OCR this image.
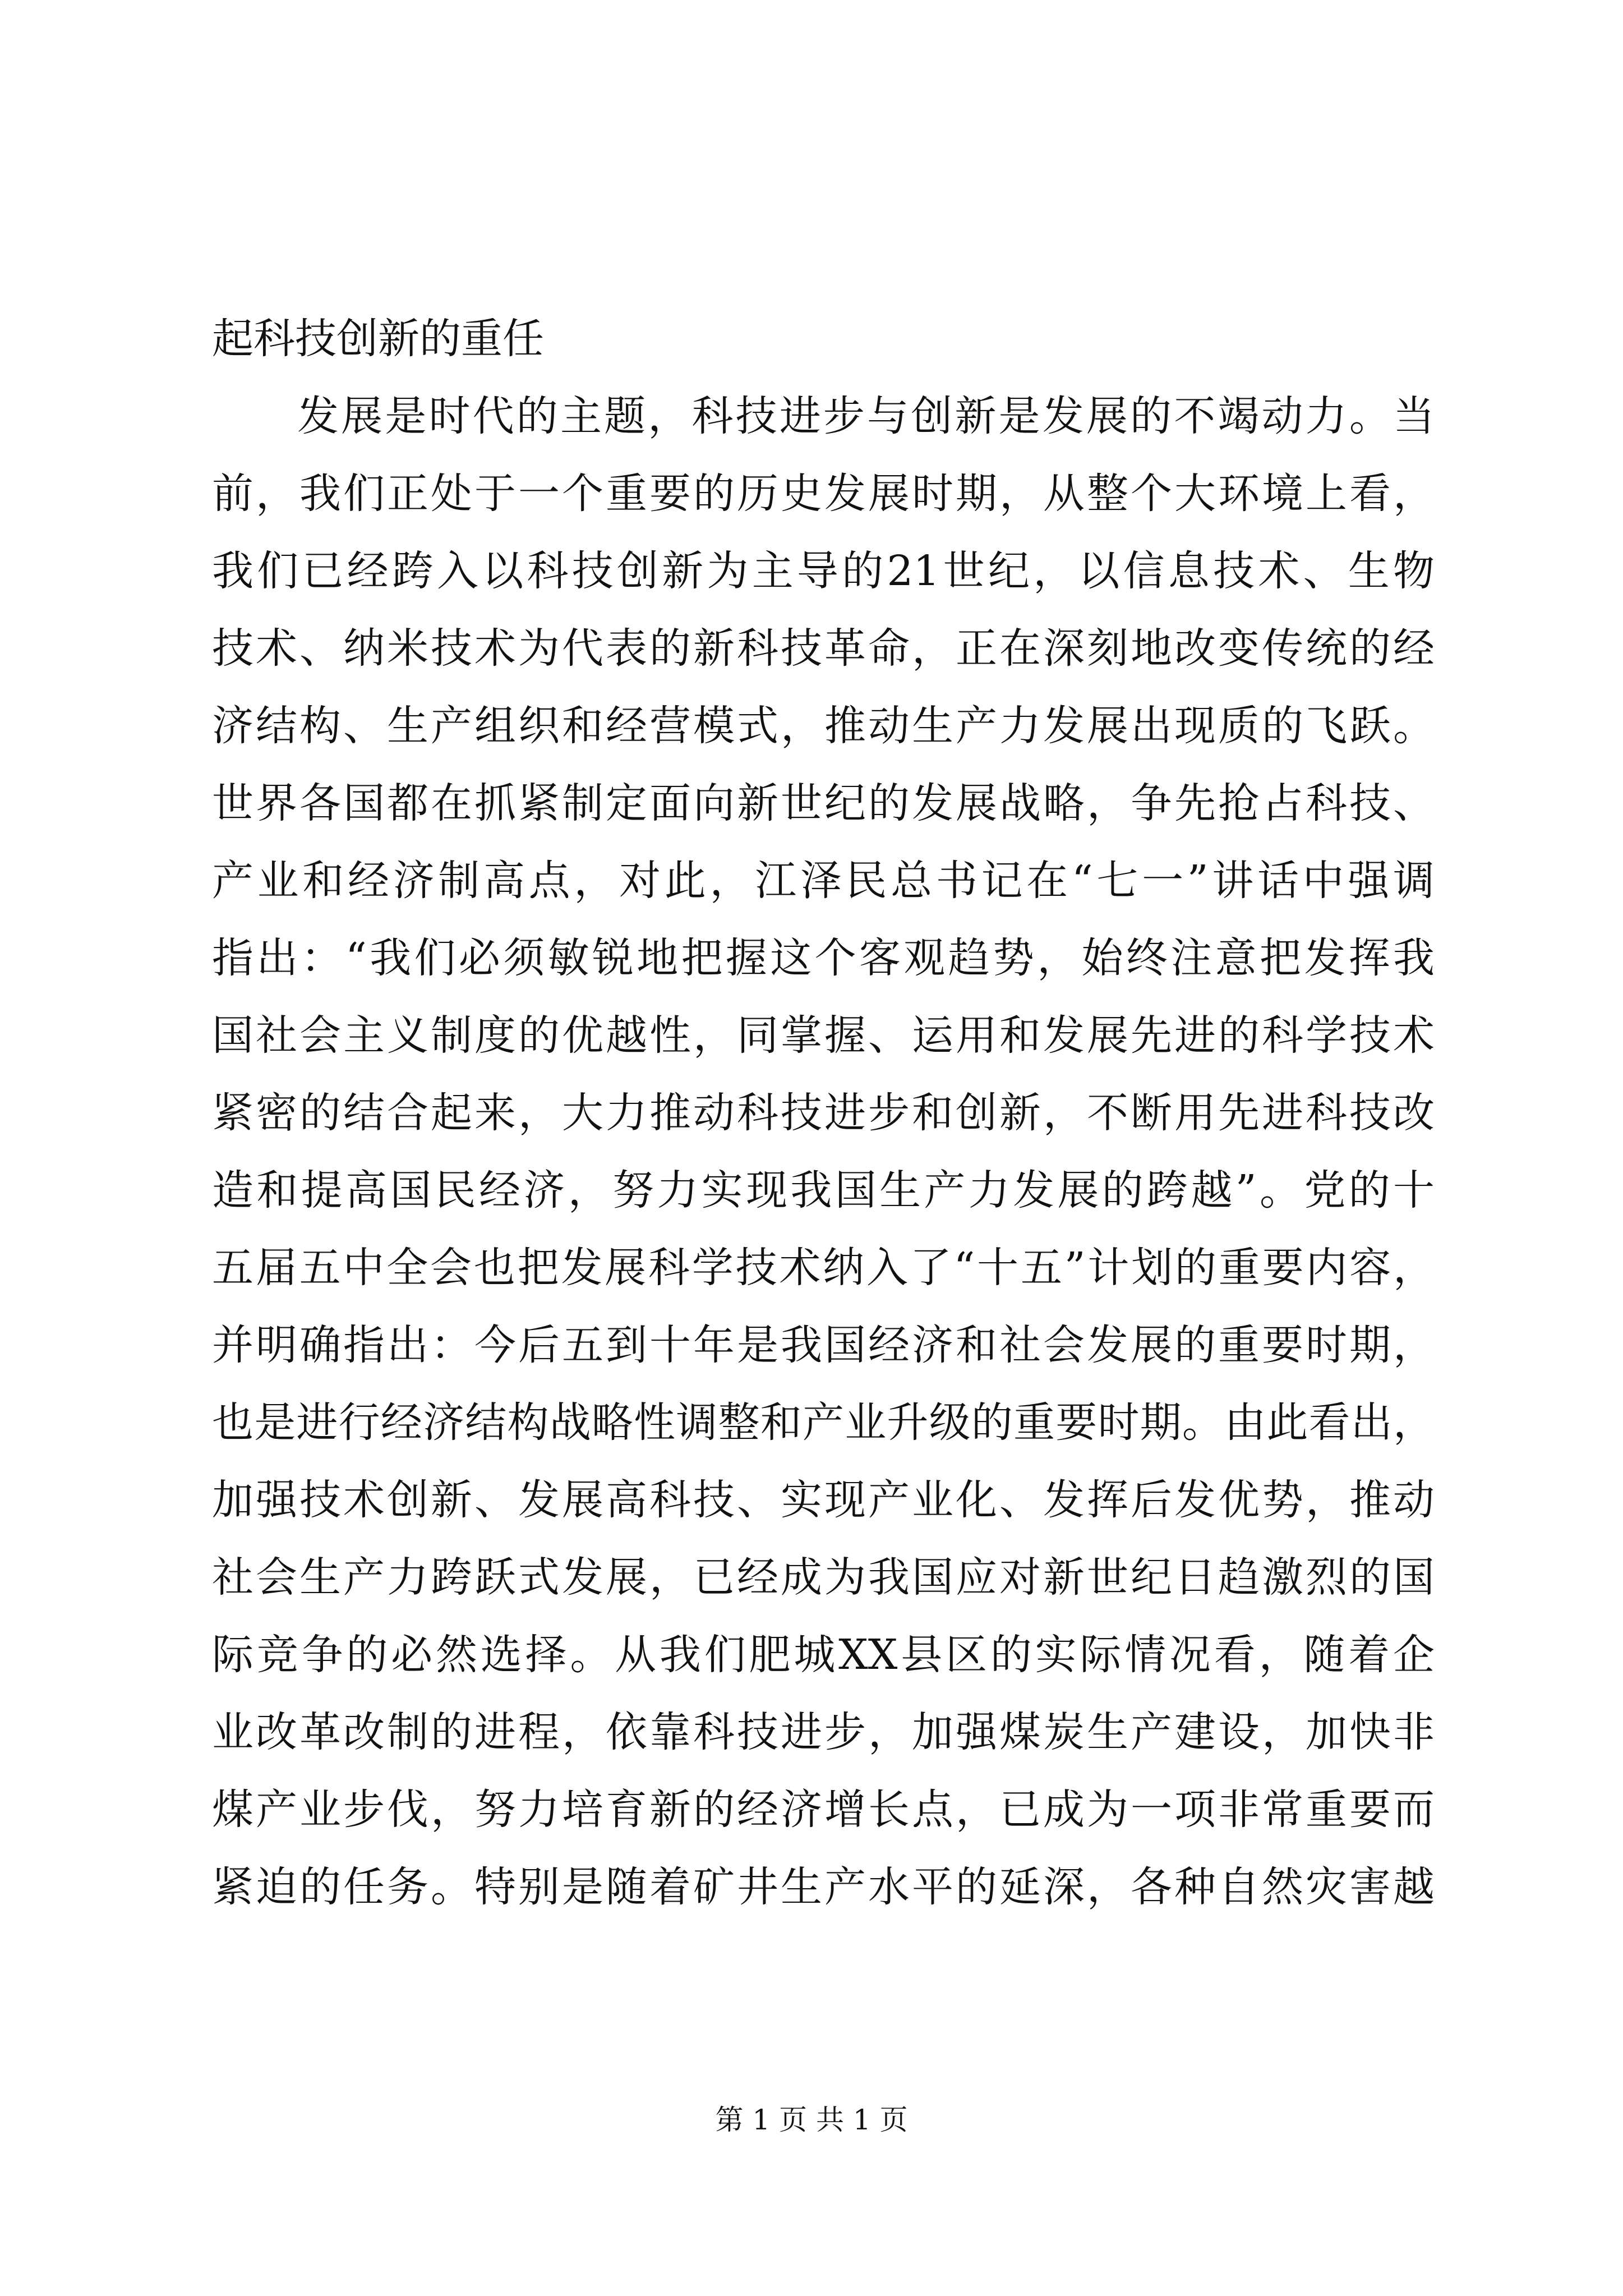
起科技创新的重任
发展是时代的主题，科技进步与创新是发展的不竭动力。当
前，我们正处于一个重要的历史发展时期，从整个大环境上看，
我们已经跨入以科技创新为主导的21世纪，以信息技术、生物
技术、纳米技术为代表的新科技革命，正在深刻地改变传统的经
济结构、生产组织和经营模式，推动生产力发展出现质的飞跃。
世界各国都在抓紧制定面向新世纪的发展战略，争先抢占科技、
产业和经济制高点，对此，江泽民总书记在“七一”讲话中强调
指出：“我们必须敏锐地把握这个客观趋势，始终注意把发挥我
国社会主义制度的优越性，同掌握、运用和发展先进的科学技术
紧密的结合起来，大力推动科技进步和创新，不断用先进科技改
造和提高国民经济，努力实现我国生产力发展的跨越”。党的十
五届五中全会也把发展科学技术纳入了“十五”计划的重要内容，
并明确指出：今后五到十年是我国经济和社会发展的重要时期，
也是进行经济结构战略性调整和产业升级的重要时期。由此看出，
加强技术创新、发展高科技、实现产业化、发挥后发优势，推动
社会生产力跨跃式发展，已经成为我国应对新世纪日趋激烈的国
际竞争的必然选择。从我们肥城XX县区的实际情况看，随着企
业改革改制的进程，依靠科技进步，加强煤炭生产建设，加快非
煤产业步伐，努力培育新的经济增长点，已成为一项非常重要而
紧迫的任务。特别是随着矿井生产水平的延深，各种自然灾害越
第 1 页 共 1 页
